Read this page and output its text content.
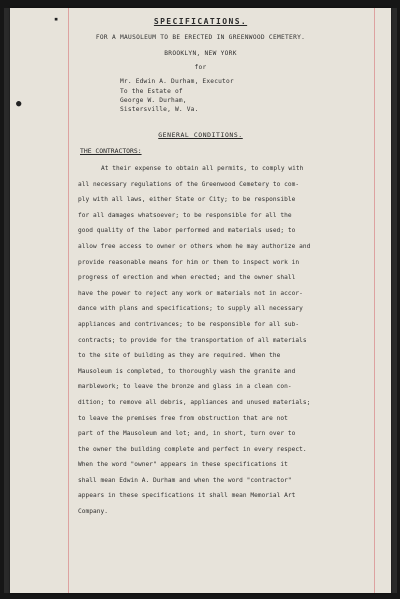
▪
●
SPECIFICATIONS.
FOR A MAUSOLEUM TO BE ERECTED IN GREENWOOD CEMETERY.
BROOKLYN, NEW YORK
for
Mr. Edwin A. Durham, Executor
To the Estate of
George W. Durham,
Sistersville, W. Va.
GENERAL CONDITIONS.
THE CONTRACTORS:
At their expense to obtain all permits, to comply with
all necessary regulations of the Greenwood Cemetery to com-
ply with all laws, either State or City; to be responsible
for all damages whatsoever; to be responsible for all the
good quality of the labor performed and materials used; to
allow free access to owner or others whom he may authorize and
provide reasonable means for him or them to inspect work in
progress of erection and when erected; and the owner shall
have the power to reject any work or materials not in accor-
dance with plans and specifications; to supply all necessary
appliances and contrivances; to be responsible for all sub-
contracts; to provide for the transportation of all materials
to the site of building as they are required. When the
Mausoleum is completed, to thoroughly wash the granite and
marblework; to leave the bronze and glass in a clean con-
dition; to remove all debris, appliances and unused materials;
to leave the premises free from obstruction that are not
part of the Mausoleum and lot; and, in short, turn over to
the owner the building complete and perfect in every respect.
When the word "owner" appears in these specifications it
shall mean Edwin A. Durham and when the word "contractor"
appears in these specifications it shall mean Memorial Art
Company.
